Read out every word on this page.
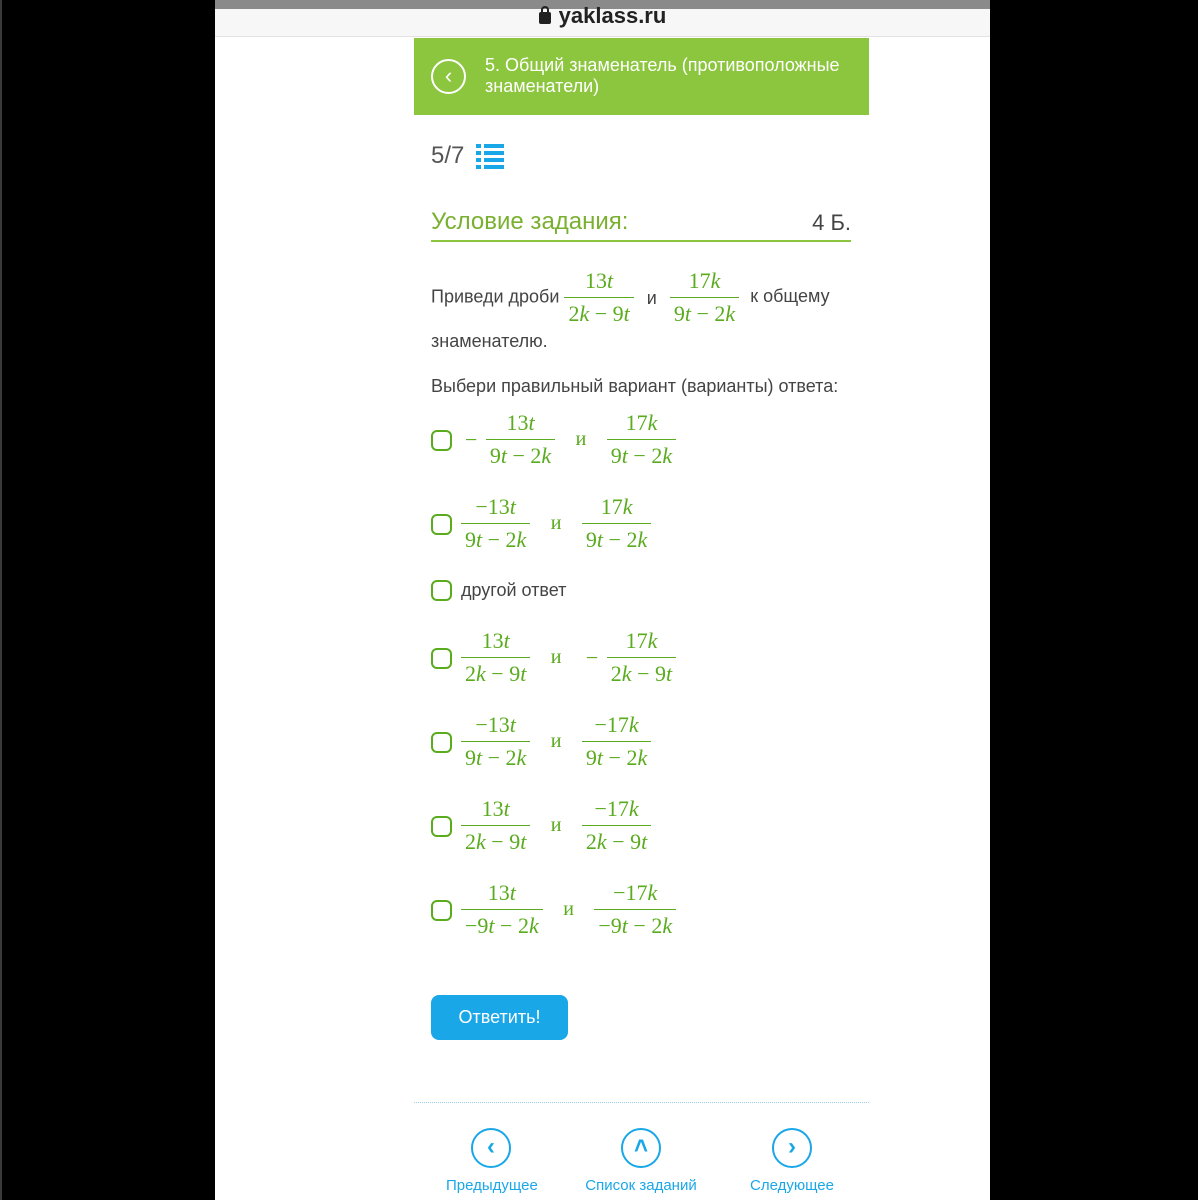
yaklass.ru
‹	5. Общий знаменатель (противоположные знаменатели)
5/7
Условие задания:	4 Б.
Приведи дроби $\frac{13t}{2k - 9t}$ и $\frac{17k}{9t - 2k}$ к общему
знаменателю.
Выбери правильный вариант (варианты) ответа:
− $\frac{13t}{9t - 2k}$ и $\frac{17k}{9t - 2k}$
$\frac{-13t}{9t - 2k}$ и $\frac{17k}{9t - 2k}$
другой ответ
$\frac{13t}{2k - 9t}$ $и - \frac{17k}{2k - 9t}$
$\frac{-13t}{9t - 2k}$ и $\frac{-17k}{9t - 2k}$
$\frac{13t}{2k - 9t}$ и $\frac{-17k}{2k - 9t}$
$\frac{13t}{-9t - 2k}$ и $\frac{-17k}{-9t - 2k}$
Ответить!
‹
Предыдущее
˄
Список заданий
›
Следующее
